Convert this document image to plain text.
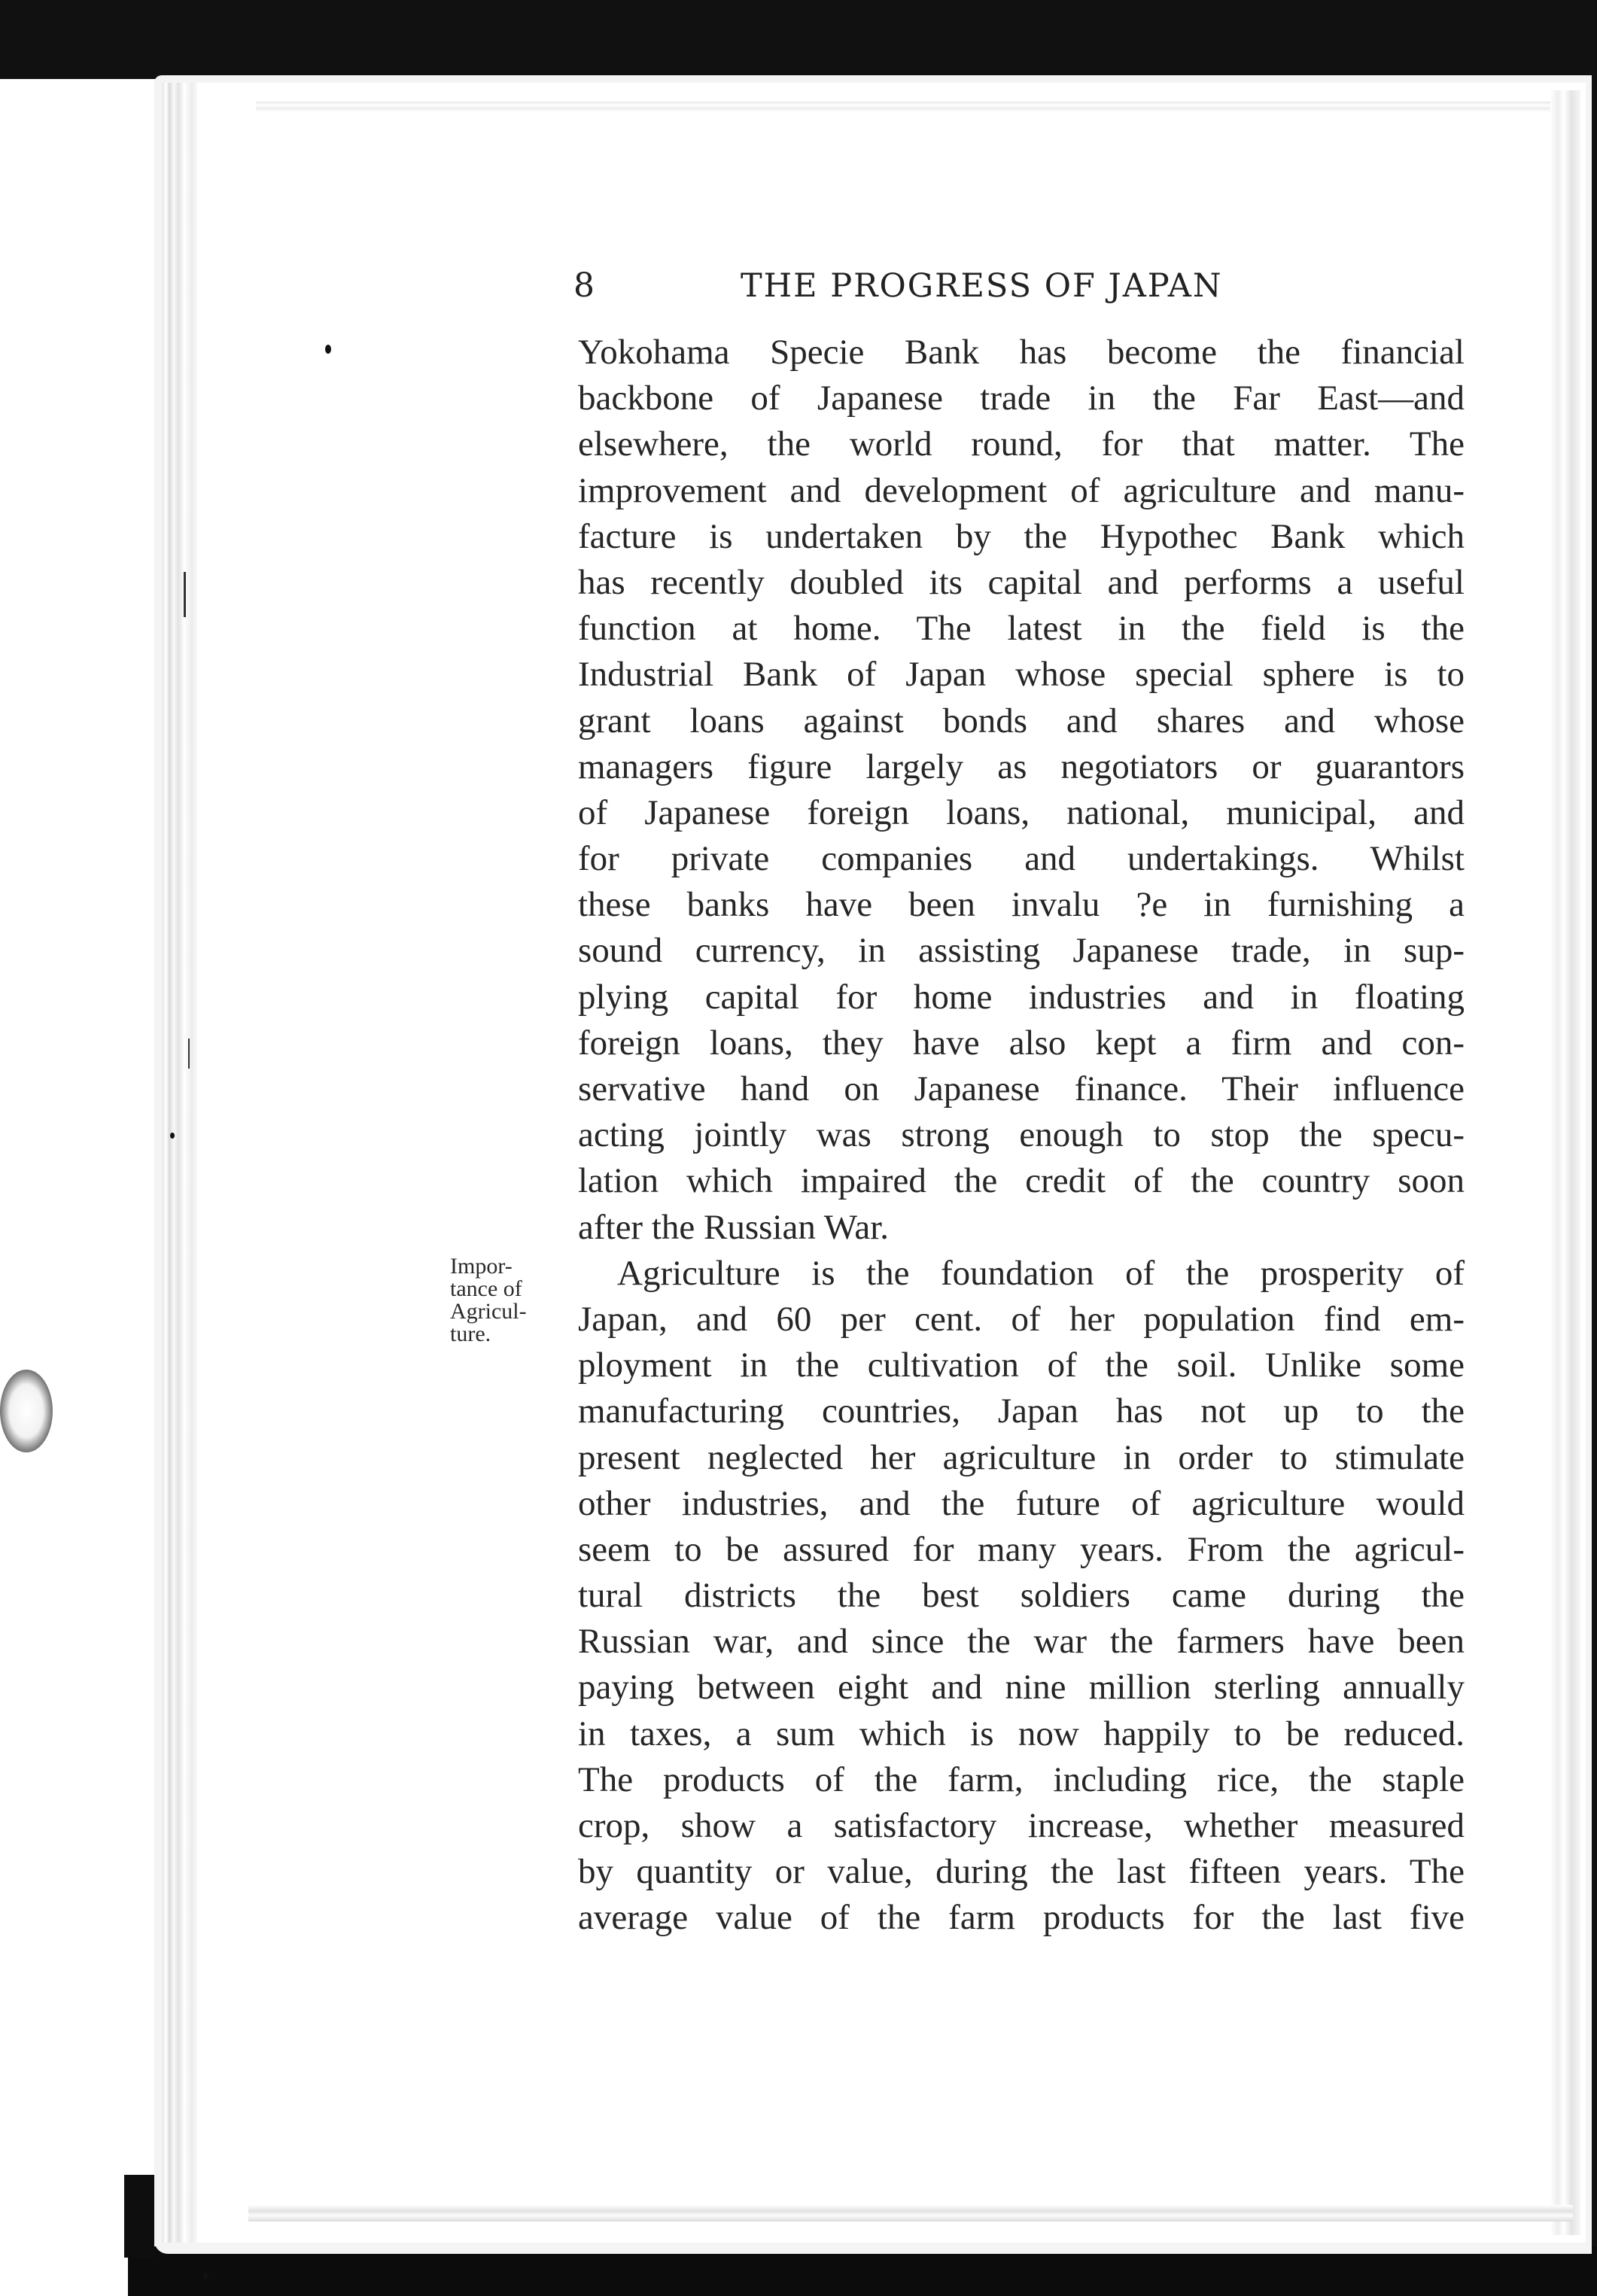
8	THE PROGRESS OF JAPAN
Impor-
tance of
Agricul-
ture.
Yokohama Specie Bank has become the financial
backbone of Japanese trade in the Far East—and
elsewhere, the world round, for that matter. The
improvement and development of agriculture and manu-
facture is undertaken by the Hypothec Bank which
has recently doubled its capital and performs a useful
function at home. The latest in the field is the
Industrial Bank of Japan whose special sphere is to
grant loans against bonds and shares and whose
managers figure largely as negotiators or guarantors
of Japanese foreign loans, national, municipal, and
for private companies and undertakings. Whilst
these banks have been invalu ?e in furnishing a
sound currency, in assisting Japanese trade, in sup-
plying capital for home industries and in floating
foreign loans, they have also kept a firm and con-
servative hand on Japanese finance. Their influence
acting jointly was strong enough to stop the specu-
lation which impaired the credit of the country soon
after the Russian War.
Agriculture is the foundation of the prosperity of
Japan, and 60 per cent. of her population find em-
ployment in the cultivation of the soil. Unlike some
manufacturing countries, Japan has not up to the
present neglected her agriculture in order to stimulate
other industries, and the future of agriculture would
seem to be assured for many years. From the agricul-
tural districts the best soldiers came during the
Russian war, and since the war the farmers have been
paying between eight and nine million sterling annually
in taxes, a sum which is now happily to be reduced.
The products of the farm, including rice, the staple
crop, show a satisfactory increase, whether measured
by quantity or value, during the last fifteen years. The
average value of the farm products for the last five
